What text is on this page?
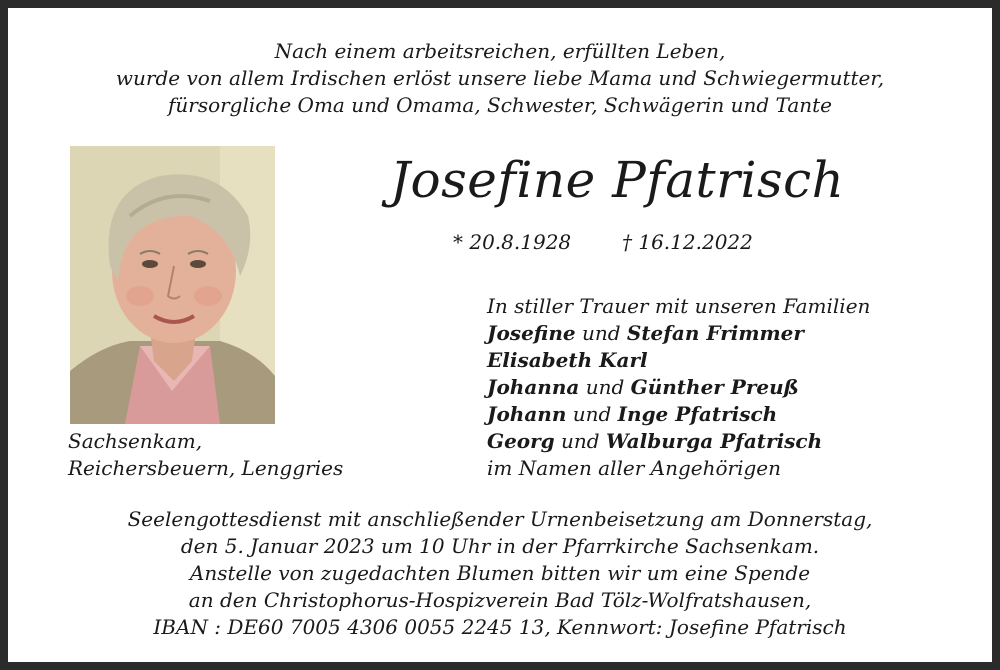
Nach einem arbeitsreichen, erfüllten Leben,
wurde von allem Irdischen erlöst unsere liebe Mama und Schwiegermutter,
fürsorgliche Oma und Omama, Schwester, Schwägerin und Tante
Josefine Pfatrisch
* 20.8.1928	† 16.12.2022
In stiller Trauer mit unseren Familien
Josefine und Stefan Frimmer
Elisabeth Karl
Johanna und Günther Preuß
Johann und Inge Pfatrisch
Georg und Walburga Pfatrisch
im Namen aller Angehörigen
Sachsenkam,
Reichersbeuern, Lenggries
Seelengottesdienst mit anschließender Urnenbeisetzung am Donnerstag,
den 5. Januar 2023 um 10 Uhr in der Pfarrkirche Sachsenkam.
Anstelle von zugedachten Blumen bitten wir um eine Spende
an den Christophorus-Hospizverein Bad Tölz-Wolfratshausen,
IBAN : DE60 7005 4306 0055 2245 13, Kennwort: Josefine Pfatrisch
